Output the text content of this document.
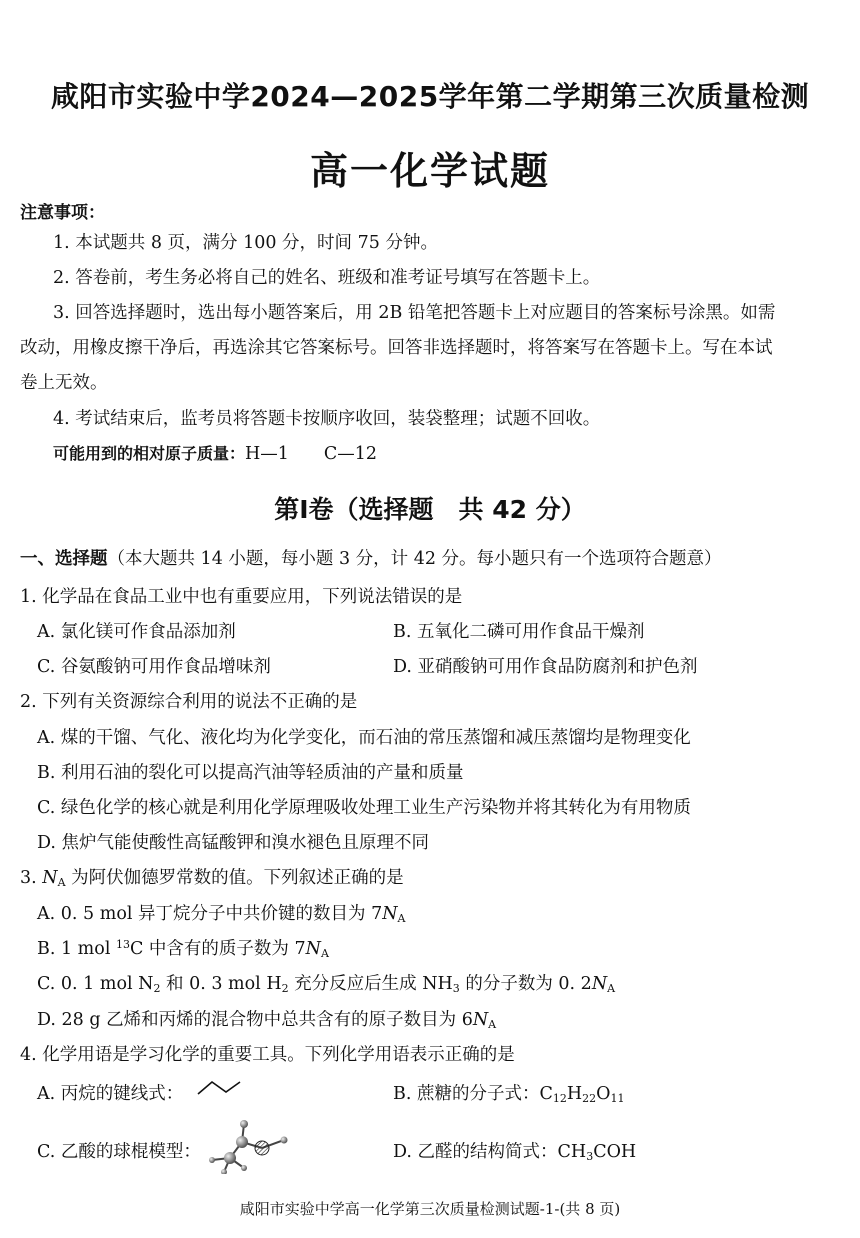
咸阳市实验中学2024—2025学年第二学期第三次质量检测
高一化学试题
注意事项：
1. 本试题共 8 页，满分 100 分，时间 75 分钟。
2. 答卷前，考生务必将自己的姓名、班级和准考证号填写在答题卡上。
3. 回答选择题时，选出每小题答案后，用 2B 铅笔把答题卡上对应题目的答案标号涂黑。如需
改动，用橡皮擦干净后，再选涂其它答案标号。回答非选择题时，将答案写在答题卡上。写在本试
卷上无效。
4. 考试结束后，监考员将答题卡按顺序收回，装袋整理；试题不回收。
可能用到的相对原子质量：H—1　　C—12
第Ⅰ卷（选择题　共 42 分）
一、选择题（本大题共 14 小题，每小题 3 分，计 42 分。每小题只有一个选项符合题意）
1. 化学品在食品工业中也有重要应用，下列说法错误的是
A. 氯化镁可作食品添加剂	B. 五氧化二磷可用作食品干燥剂
C. 谷氨酸钠可用作食品增味剂	D. 亚硝酸钠可用作食品防腐剂和护色剂
2. 下列有关资源综合利用的说法不正确的是
A. 煤的干馏、气化、液化均为化学变化，而石油的常压蒸馏和减压蒸馏均是物理变化
B. 利用石油的裂化可以提高汽油等轻质油的产量和质量
C. 绿色化学的核心就是利用化学原理吸收处理工业生产污染物并将其转化为有用物质
D. 焦炉气能使酸性高锰酸钾和溴水褪色且原理不同
3. $N_A$ 为阿伏伽德罗常数的值。下列叙述正确的是
A. 0. 5 mol 异丁烷分子中共价键的数目为 $7N_A$
B. 1 mol $^{13}$C 中含有的质子数为 $7N_A$
C. 0. 1 mol $N_2$ 和 0. 3 mol $H_2$ 充分反应后生成 $NH_3$ 的分子数为 0. $2N_A$
D. 28 g 乙烯和丙烯的混合物中总共含有的原子数目为 $6N_A$
4. 化学用语是学习化学的重要工具。下列化学用语表示正确的是
A. 丙烷的键线式：	B. 蔗糖的分子式：$C_{12}H_{22}O_{11}$
C. 乙酸的球棍模型：	D. 乙醛的结构简式：$CH_3COH$
咸阳市实验中学高一化学第三次质量检测试题-1-(共 8 页)
